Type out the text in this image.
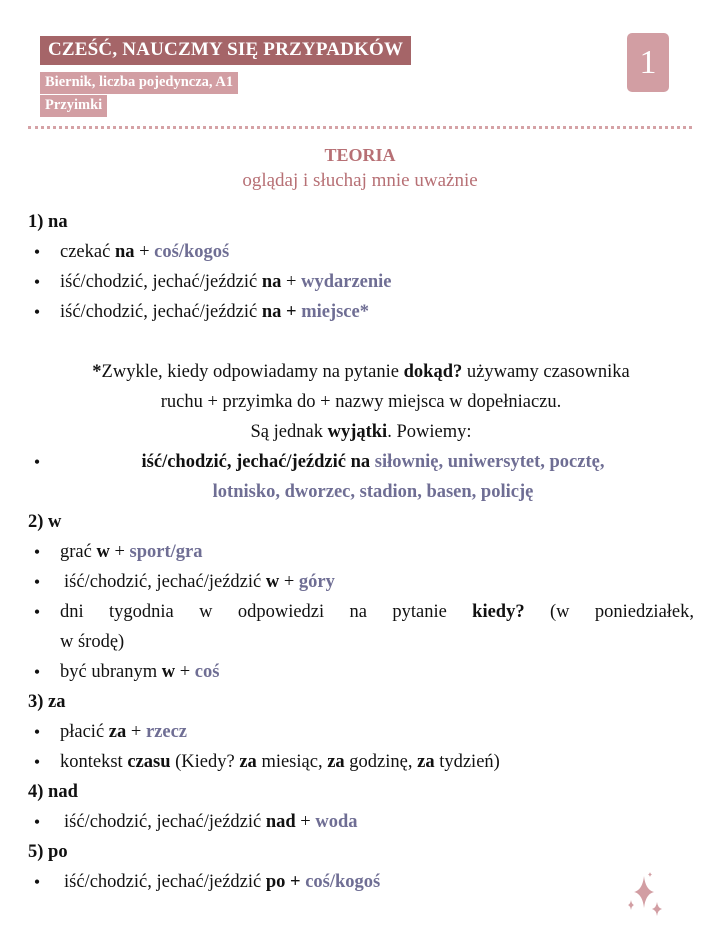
CZEŚĆ, NAUCZMY SIĘ PRZYPADKÓW
Biernik, liczba pojedyncza, A1
Przyimki
1
TEORIA
oglądaj i słuchaj mnie uważnie
1) na
•
czekać na + coś/kogoś
•
iść/chodzić, jechać/jeździć na + wydarzenie
•
iść/chodzić, jechać/jeździć na + miejsce*
*Zwykle, kiedy odpowiadamy na pytanie dokąd? używamy czasownika
ruchu + przyimka do + nazwy miejsca w dopełniaczu.
Są jednak wyjątki. Powiemy:
•
iść/chodzić, jechać/jeździć na siłownię, uniwersytet, pocztę,
lotnisko, dworzec, stadion, basen, policję
2) w
•
grać w + sport/gra
•
iść/chodzić, jechać/jeździć w + góry
•
dni tygodnia w odpowiedzi na pytanie kiedy? (w poniedziałek,
w środę)
•
być ubranym w + coś
3) za
•
płacić za + rzecz
•
kontekst czasu (Kiedy? za miesiąc, za godzinę, za tydzień)
4) nad
•
iść/chodzić, jechać/jeździć nad + woda
5) po
•
iść/chodzić, jechać/jeździć po + coś/kogoś
